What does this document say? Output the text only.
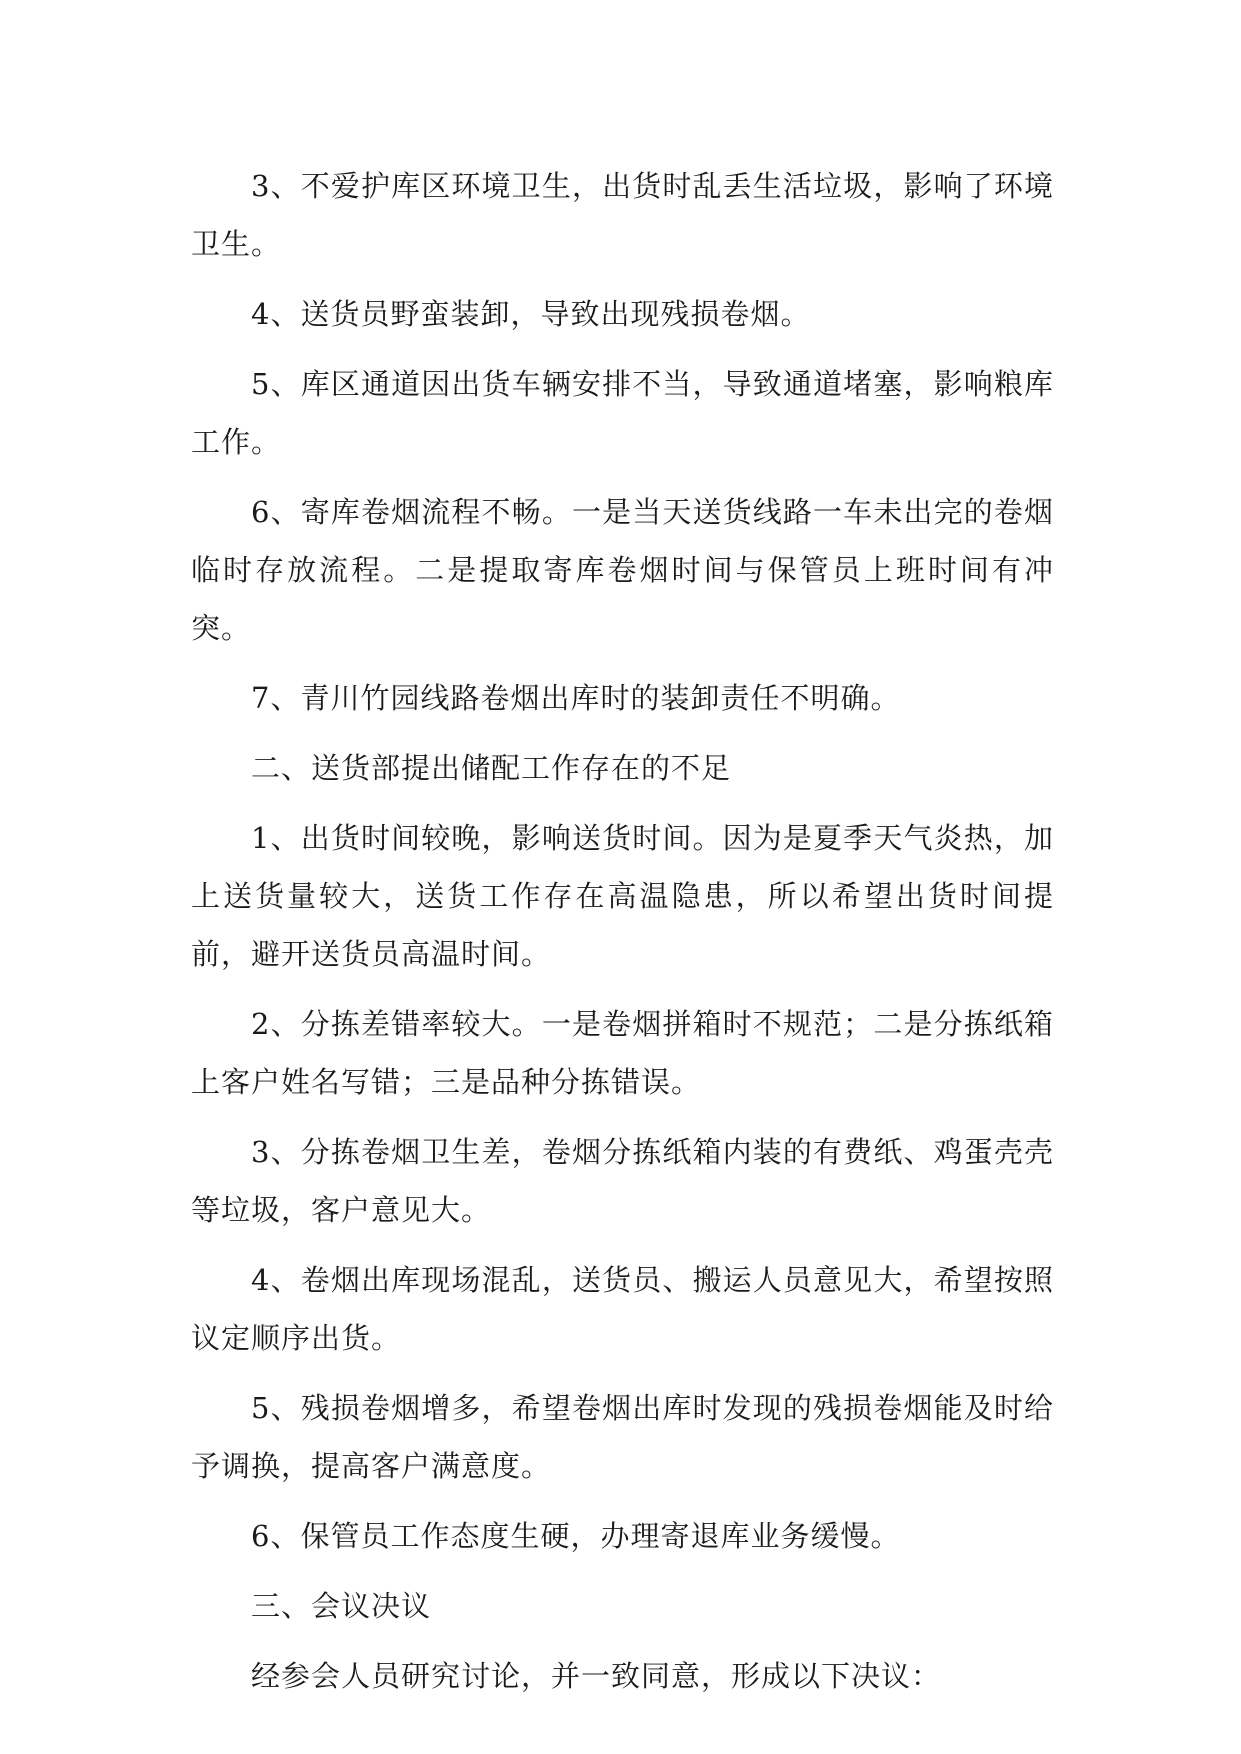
3、不爱护库区环境卫生，出货时乱丢生活垃圾，影响了环境卫生。

4、送货员野蛮装卸，导致出现残损卷烟。

5、库区通道因出货车辆安排不当，导致通道堵塞，影响粮库工作。

6、寄库卷烟流程不畅。一是当天送货线路一车未出完的卷烟临时存放流程。二是提取寄库卷烟时间与保管员上班时间有冲突。

7、青川竹园线路卷烟出库时的装卸责任不明确。

二、送货部提出储配工作存在的不足

1、出货时间较晚，影响送货时间。因为是夏季天气炎热，加上送货量较大，送货工作存在高温隐患，所以希望出货时间提前，避开送货员高温时间。

2、分拣差错率较大。一是卷烟拼箱时不规范；二是分拣纸箱上客户姓名写错；三是品种分拣错误。

3、分拣卷烟卫生差，卷烟分拣纸箱内装的有费纸、鸡蛋壳壳等垃圾，客户意见大。

4、卷烟出库现场混乱，送货员、搬运人员意见大，希望按照议定顺序出货。

5、残损卷烟增多，希望卷烟出库时发现的残损卷烟能及时给予调换，提高客户满意度。

6、保管员工作态度生硬，办理寄退库业务缓慢。

三、会议决议

经参会人员研究讨论，并一致同意，形成以下决议：
